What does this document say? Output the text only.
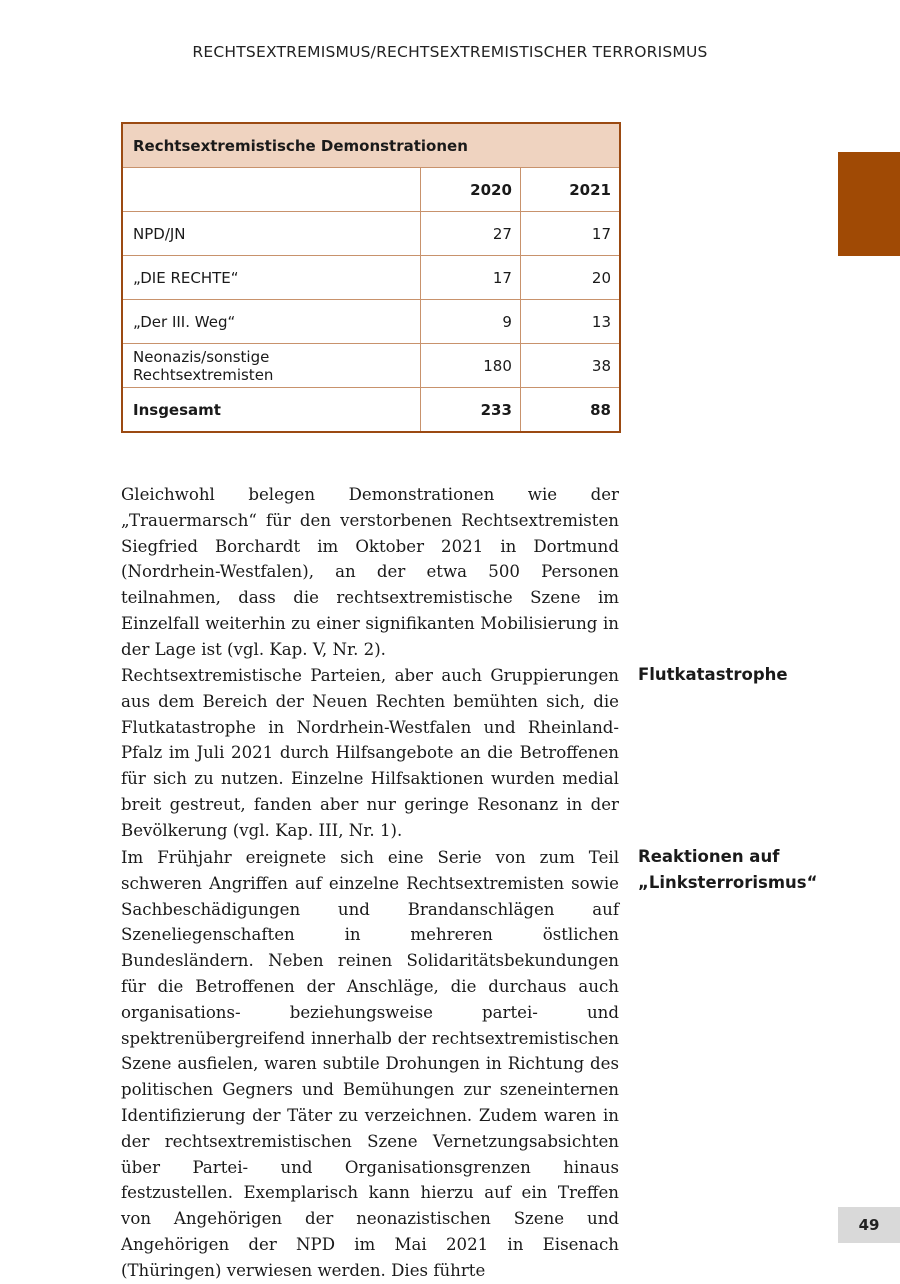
RECHTSEXTREMISMUS/RECHTSEXTREMISTISCHER TERRORISMUS
Rechtsextremistische Demonstrationen		
	2020	2021
NPD/JN	27	17
„DIE RECHTE“	17	20
„Der III. Weg“	9	13
Neonazis/sonstige Rechtsextremisten	180	38
Insgesamt	233	88

Gleichwohl belegen Demonstrationen wie der „Trauermarsch“ für den verstorbenen Rechtsextremisten Siegfried Borchardt im Oktober 2021 in Dortmund (Nordrhein-Westfalen), an der etwa 500 Personen teilnahmen, dass die rechtsextremistische Szene im Einzelfall weiterhin zu einer signifikanten Mobilisierung in der Lage ist (vgl. Kap. V, Nr. 2).

Rechtsextremistische Parteien, aber auch Gruppierungen aus dem Bereich der Neuen Rechten bemühten sich, die Flutkatastrophe in Nordrhein-Westfalen und Rheinland-Pfalz im Juli 2021 durch Hilfsangebote an die Betroffenen für sich zu nutzen. Einzelne Hilfsaktionen wurden medial breit gestreut, fanden aber nur geringe Resonanz in der Bevölkerung (vgl. Kap. III, Nr. 1).

Flutkatastrophe

Im Frühjahr ereignete sich eine Serie von zum Teil schweren Angriffen auf einzelne Rechtsextremisten sowie Sachbeschädigungen und Brandanschlägen auf Szeneliegenschaften in mehreren östlichen Bundesländern. Neben reinen Solidaritätsbekundungen für die Betroffenen der Anschläge, die durchaus auch organisations- beziehungsweise partei- und spektrenübergreifend innerhalb der rechtsextremistischen Szene ausfielen, waren subtile Drohungen in Richtung des politischen Gegners und Bemühungen zur szeneinternen Identifizierung der Täter zu verzeichnen. Zudem waren in der rechtsextremistischen Szene Vernetzungsabsichten über Partei- und Organisationsgrenzen hinaus festzustellen. Exemplarisch kann hierzu auf ein Treffen von Angehörigen der neonazistischen Szene und Angehörigen der NPD im Mai 2021 in Eisenach (Thüringen) verwiesen werden. Dies führte

Reaktionen auf
„Linksterrorismus“
49
